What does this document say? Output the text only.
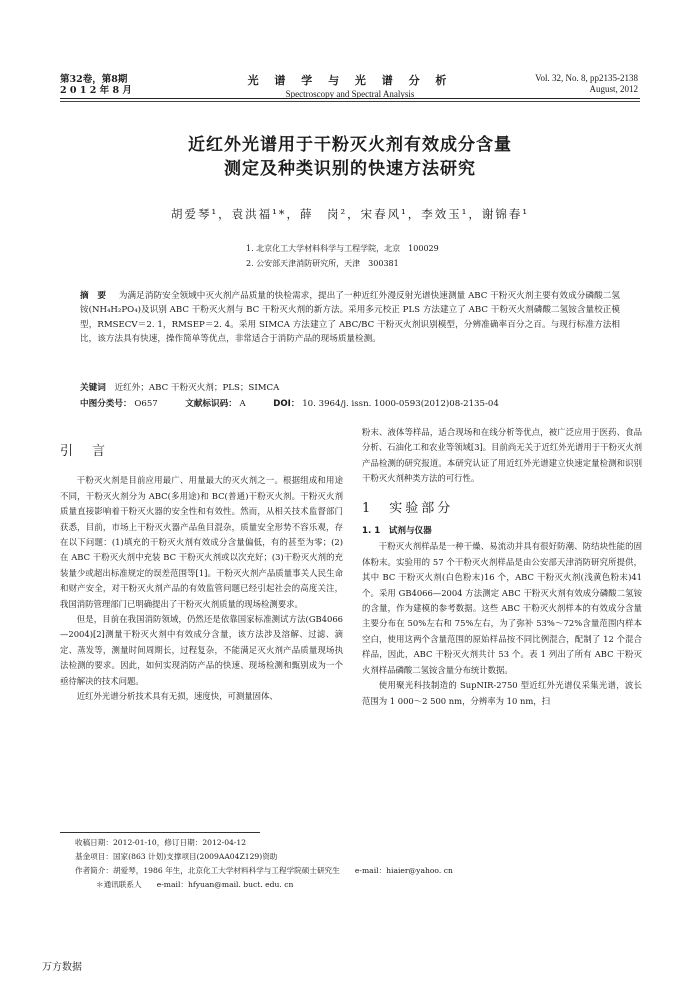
第32卷，第8期
2 0 1 2 年 8 月
光 谱 学 与 光 谱 分 析
Spectroscopy and Spectral Analysis
Vol. 32, No. 8, pp2135-2138
August, 2012
近红外光谱用于干粉灭火剂有效成分含量
测定及种类识别的快速方法研究
胡爱琴¹，袁洪福¹*，薛　岗²，宋春风¹，李效玉¹，谢锦春¹
1. 北京化工大学材料科学与工程学院，北京　100029
2. 公安部天津消防研究所，天津　300381
摘　要 为满足消防安全领域中灭火剂产品质量的快检需求，提出了一种近红外漫反射光谱快速测量 ABC 干粉灭火剂主要有效成分磷酸二氢铵(NH₄H₂PO₄)及识别 ABC 干粉灭火剂与 BC 干粉灭火剂的新方法。采用多元校正 PLS 方法建立了 ABC 干粉灭火剂磷酸二氢铵含量校正模型，RMSECV＝2. 1，RMSEP＝2. 4。采用 SIMCA 方法建立了 ABC/BC 干粉灭火剂识别模型，分辨准确率百分之百。与现行标准方法相比，该方法具有快速，操作简单等优点，非常适合于消防产品的现场质量检测。
关键词 近红外；ABC 干粉灭火剂；PLS；SIMCA
中图分类号： O657	文献标识码： A	DOI： 10. 3964/j. issn. 1000-0593(2012)08-2135-04
引　言

干粉灭火剂是目前应用最广、用量最大的灭火剂之一。根据组成和用途不同，干粉灭火剂分为 ABC(多用途)和 BC(普通)干粉灭火剂。干粉灭火剂质量直接影响着干粉灭火器的安全性和有效性。然而，从相关技术监督部门获悉，目前，市场上干粉灭火器产品鱼目混杂，质量安全形势不容乐观，存在以下问题：(1)填充的干粉灭火剂有效成分含量偏低，有的甚至为零；(2)在 ABC 干粉灭火剂中充装 BC 干粉灭火剂或以次充好；(3)干粉灭火剂的充装量少或超出标准规定的误差范围等[1]。干粉灭火剂产品质量事关人民生命和财产安全，对干粉灭火剂产品的有效监管问题已经引起社会的高度关注，我国消防管理部门已明确提出了干粉灭火剂质量的现场检测要求。

但是，目前在我国消防领域，仍然还是依靠国家标准测试方法(GB4066—2004)[2]测量干粉灭火剂中有效成分含量，该方法涉及溶解、过滤、滴定、蒸发等，测量时间周期长，过程复杂，不能满足灭火剂产品质量现场执法检测的要求。因此，如何实现消防产品的快速、现场检测和甄别成为一个亟待解决的技术问题。

近红外光谱分析技术具有无损，速度快，可测量固体、

粉末、液体等样品，适合现场和在线分析等优点，被广泛应用于医药、食品分析、石油化工和农业等领域[3]。目前尚无关于近红外光谱用于干粉灭火剂产品检测的研究报道。本研究认证了用近红外光谱建立快速定量检测和识别干粉灭火剂种类方法的可行性。

1　实验部分
1. 1　试剂与仪器

干粉灭火剂样品是一种干燥、易流动并具有很好防潮、防结块性能的固体粉末。实验用的 57 个干粉灭火剂样品是由公安部天津消防研究所提供，其中 BC 干粉灭火剂(白色粉末)16 个，ABC 干粉灭火剂(浅黄色粉末)41 个。采用 GB4066—2004 方法测定 ABC 干粉灭火剂有效成分磷酸二氢铵的含量，作为建模的参考数据。这些 ABC 干粉灭火剂样本的有效成分含量主要分布在 50%左右和 75%左右，为了弥补 53%～72%含量范围内样本空白，使用这两个含量范围的原始样品按不同比例混合，配制了 12 个混合样品，因此，ABC 干粉灭火剂共计 53 个。表 1 列出了所有 ABC 干粉灭火剂样品磷酸二氢铵含量分布统计数据。

使用聚光科技制造的 SupNIR-2750 型近红外光谱仪采集光谱，波长范围为 1 000～2 500 nm，分辨率为 10 nm，扫

收稿日期：2012-01-10，修订日期：2012-04-12
基金项目：国家(863 计划)支撑项目(2009AA04Z129)资助
作者简介：胡爱琴，1986 年生，北京化工大学材料科学与工程学院硕士研究生　　e-mail：hiaier@yahoo. cn
＊通讯联系人　　e-mail：hfyuan@mail. buct. edu. cn
万方数据
